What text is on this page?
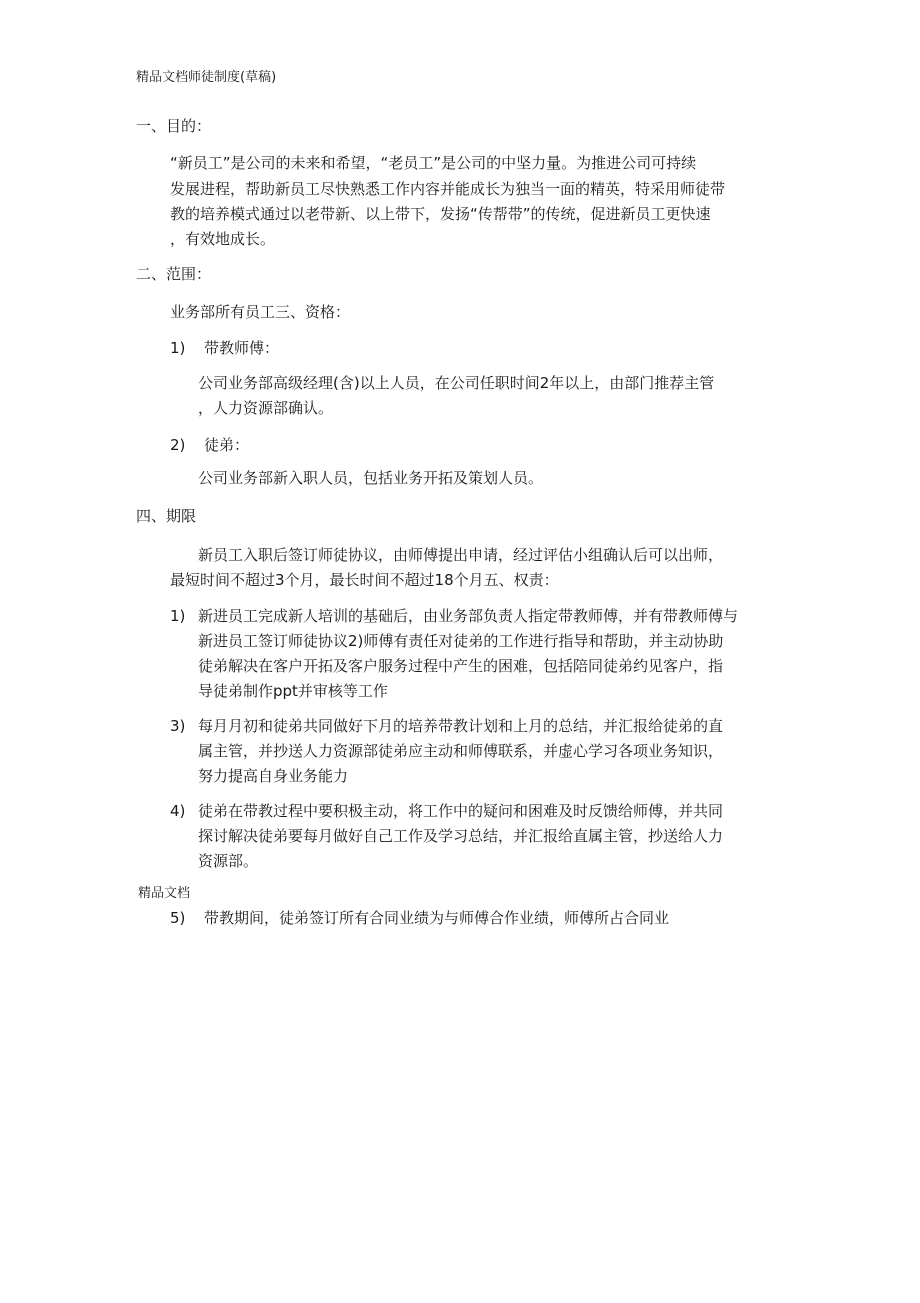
精品文档师徒制度(草稿)
一、目的：
“新员工”是公司的未来和希望，“老员工”是公司的中坚力量。为推进公司可持续
发展进程，帮助新员工尽快熟悉工作内容并能成长为独当一面的精英，特采用师徒带
教的培养模式通过以老带新、以上带下，发扬“传帮带”的传统，促进新员工更快速
，有效地成长。
二、范围：
业务部所有员工三、资格：
1) 带教师傅：
公司业务部高级经理(含)以上人员，在公司任职时间2年以上，由部门推荐主管
，人力资源部确认。
2) 徒弟：
公司业务部新入职人员，包括业务开拓及策划人员。
四、期限
新员工入职后签订师徒协议，由师傅提出申请，经过评估小组确认后可以出师，
最短时间不超过3个月，最长时间不超过18个月五、权责：
1) 新进员工完成新人培训的基础后，由业务部负责人指定带教师傅，并有带教师傅与
新进员工签订师徒协议2)师傅有责任对徒弟的工作进行指导和帮助，并主动协助
徒弟解决在客户开拓及客户服务过程中产生的困难，包括陪同徒弟约见客户，指
导徒弟制作ppt并审核等工作
3) 每月月初和徒弟共同做好下月的培养带教计划和上月的总结，并汇报给徒弟的直
属主管，并抄送人力资源部徒弟应主动和师傅联系，并虚心学习各项业务知识，
努力提高自身业务能力
4) 徒弟在带教过程中要积极主动，将工作中的疑问和困难及时反馈给师傅，并共同
探讨解决徒弟要每月做好自己工作及学习总结，并汇报给直属主管，抄送给人力
资源部。
精品文档
5) 带教期间，徒弟签订所有合同业绩为与师傅合作业绩，师傅所占合同业
